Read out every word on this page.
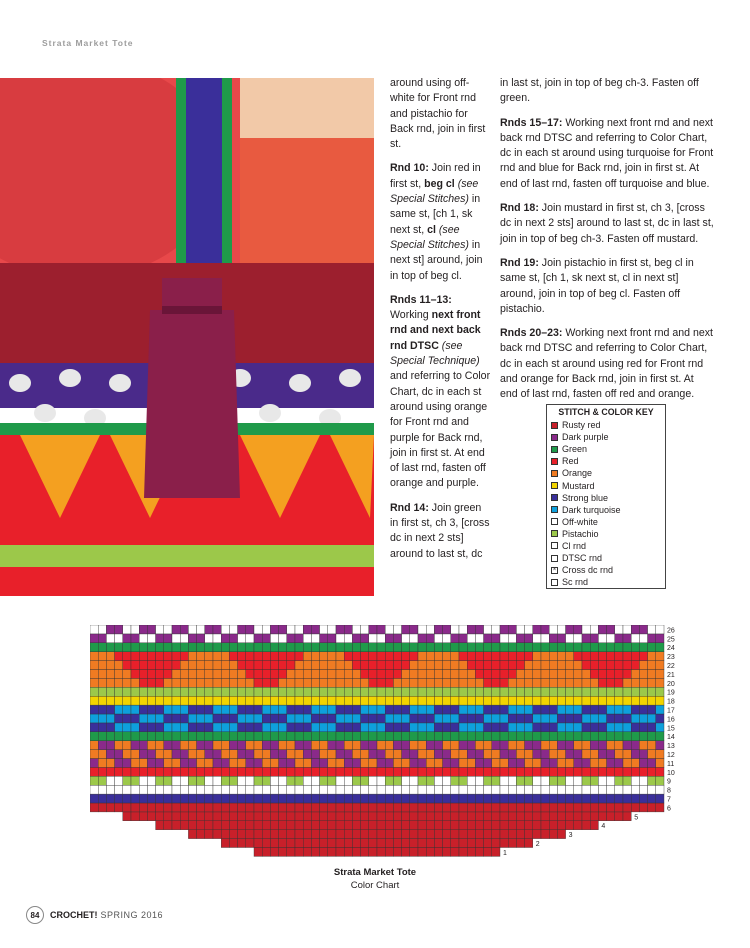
Strata Market Tote

around using off-white for Front rnd and pistachio for Back rnd, join in first st.

Rnd 10: Join red in first st, beg cl (see Special Stitches) in same st, [ch 1, sk next st, cl (see Special Stitches) in next st] around, join in top of beg cl.

Rnds 11–13: Working next front rnd and next back rnd DTSC (see Special Technique) and referring to Color Chart, dc in each st around using orange for Front rnd and purple for Back rnd, join in first st. At end of last rnd, fasten off orange and purple.

Rnd 14: Join green in first st, ch 3, [cross dc in next 2 sts] around to last st, dc

in last st, join in top of beg ch-3. Fasten off green.

Rnds 15–17: Working next front rnd and next back rnd DTSC and referring to Color Chart, dc in each st around using turquoise for Front rnd and blue for Back rnd, join in first st. At end of last rnd, fasten off turquoise and blue.

Rnd 18: Join mustard in first st, ch 3, [cross dc in next 2 sts] around to last st, dc in last st, join in top of beg ch-3. Fasten off mustard.

Rnd 19: Join pistachio in first st, beg cl in same st, [ch 1, sk next st, cl in next st] around, join in top of beg cl. Fasten off pistachio.

Rnds 20–23: Working next front rnd and next back rnd DTSC and referring to Color Chart, dc in each st around using red for Front rnd and orange for Back rnd, join in first st. At end of last rnd, fasten off red and orange.

STITCH & COLOR KEY
Rusty red
Dark purple
Green
Red
Orange
Mustard
Strong blue
Dark turquoise
Off-white
Pistachio
Cl rnd
DTSC rnd
× Cross dc rnd
Sc rnd
1
2
3
4
5
6
7
8
9
10
11
12
13
14
15
16
17
18
19
20
21
22
23
24
25
26
Strata Market Tote
Color Chart
84	CROCHET! SPRING 2016
